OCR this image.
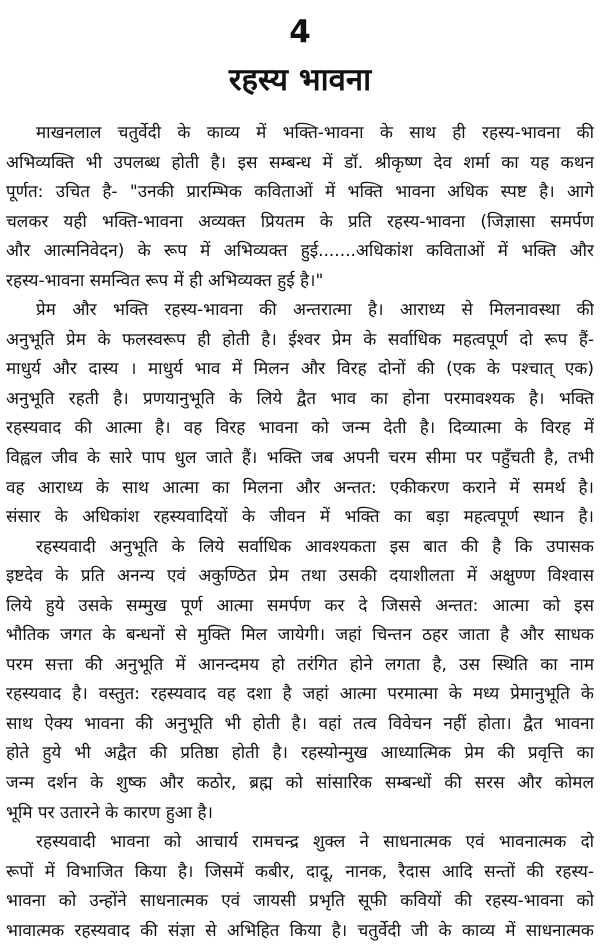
4
रहस्य भावना
माखनलाल चतुर्वेदी के काव्य में भक्ति-भावना के साथ ही रहस्य-भावना की
अभिव्यक्ति भी उपलब्ध होती है। इस सम्बन्ध में डॉ. श्रीकृष्ण देव शर्मा का यह कथन
पूर्णत: उचित है- "उनकी प्रारम्भिक कविताओं में भक्ति भावना अधिक स्पष्ट है। आगे
चलकर यही भक्ति-भावना अव्यक्त प्रियतम के प्रति रहस्य-भावना (जिज्ञासा समर्पण
और आत्मनिवेदन) के रूप में अभिव्यक्त हुई.......अधिकांश कविताओं में भक्ति और
रहस्य-भावना समन्वित रूप में ही अभिव्यक्त हुई है।"
प्रेम और भक्ति रहस्य-भावना की अन्तरात्मा है। आराध्य से मिलनावस्था की
अनुभूति प्रेम के फलस्वरूप ही होती है। ईश्वर प्रेम के सर्वाधिक महत्वपूर्ण दो रूप हैं-
माधुर्य और दास्य । माधुर्य भाव में मिलन और विरह दोनों की (एक के पश्चात् एक)
अनुभूति रहती है। प्रणयानुभूति के लिये द्वैत भाव का होना परमावश्यक है। भक्ति
रहस्यवाद की आत्मा है। वह विरह भावना को जन्म देती है। दिव्यात्मा के विरह में
विह्वल जीव के सारे पाप धुल जाते हैं। भक्ति जब अपनी चरम सीमा पर पहुँचती है, तभी
वह आराध्य के साथ आत्मा का मिलना और अन्तत: एकीकरण कराने में समर्थ है।
संसार के अधिकांश रहस्यवादियों के जीवन में भक्ति का बड़ा महत्वपूर्ण स्थान है।
रहस्यवादी अनुभूति के लिये सर्वाधिक आवश्यकता इस बात की है कि उपासक
इष्टदेव के प्रति अनन्य एवं अकुण्ठित प्रेम तथा उसकी दयाशीलता में अक्षुण्ण विश्वास
लिये हुये उसके सम्मुख पूर्ण आत्मा समर्पण कर दे जिससे अन्तत: आत्मा को इस
भौतिक जगत के बन्धनों से मुक्ति मिल जायेगी। जहां चिन्तन ठहर जाता है और साधक
परम सत्ता की अनुभूति में आनन्दमय हो तरंगित होने लगता है, उस स्थिति का नाम
रहस्यवाद है। वस्तुत: रहस्यवाद वह दशा है जहां आत्मा परमात्मा के मध्य प्रेमानुभूति के
साथ ऐक्य भावना की अनुभूति भी होती है। वहां तत्व विवेचन नहीं होता। द्वैत भावना
होते हुये भी अद्वैत की प्रतिष्ठा होती है। रहस्योन्मुख आध्यात्मिक प्रेम की प्रवृत्ति का
जन्म दर्शन के शुष्क और कठोर, ब्रह्म को सांसारिक सम्बन्धों की सरस और कोमल
भूमि पर उतारने के कारण हुआ है।
रहस्यवादी भावना को आचार्य रामचन्द्र शुक्ल ने साधनात्मक एवं भावनात्मक दो
रूपों में विभाजित किया है। जिसमें कबीर, दादू, नानक, रैदास आदि सन्तों की रहस्य-
भावना को उन्होंने साधनात्मक एवं जायसी प्रभृति सूफी कवियों की रहस्य-भावना को
भावात्मक रहस्यवाद की संज्ञा से अभिहित किया है। चतुर्वेदी जी के काव्य में साधनात्मक
